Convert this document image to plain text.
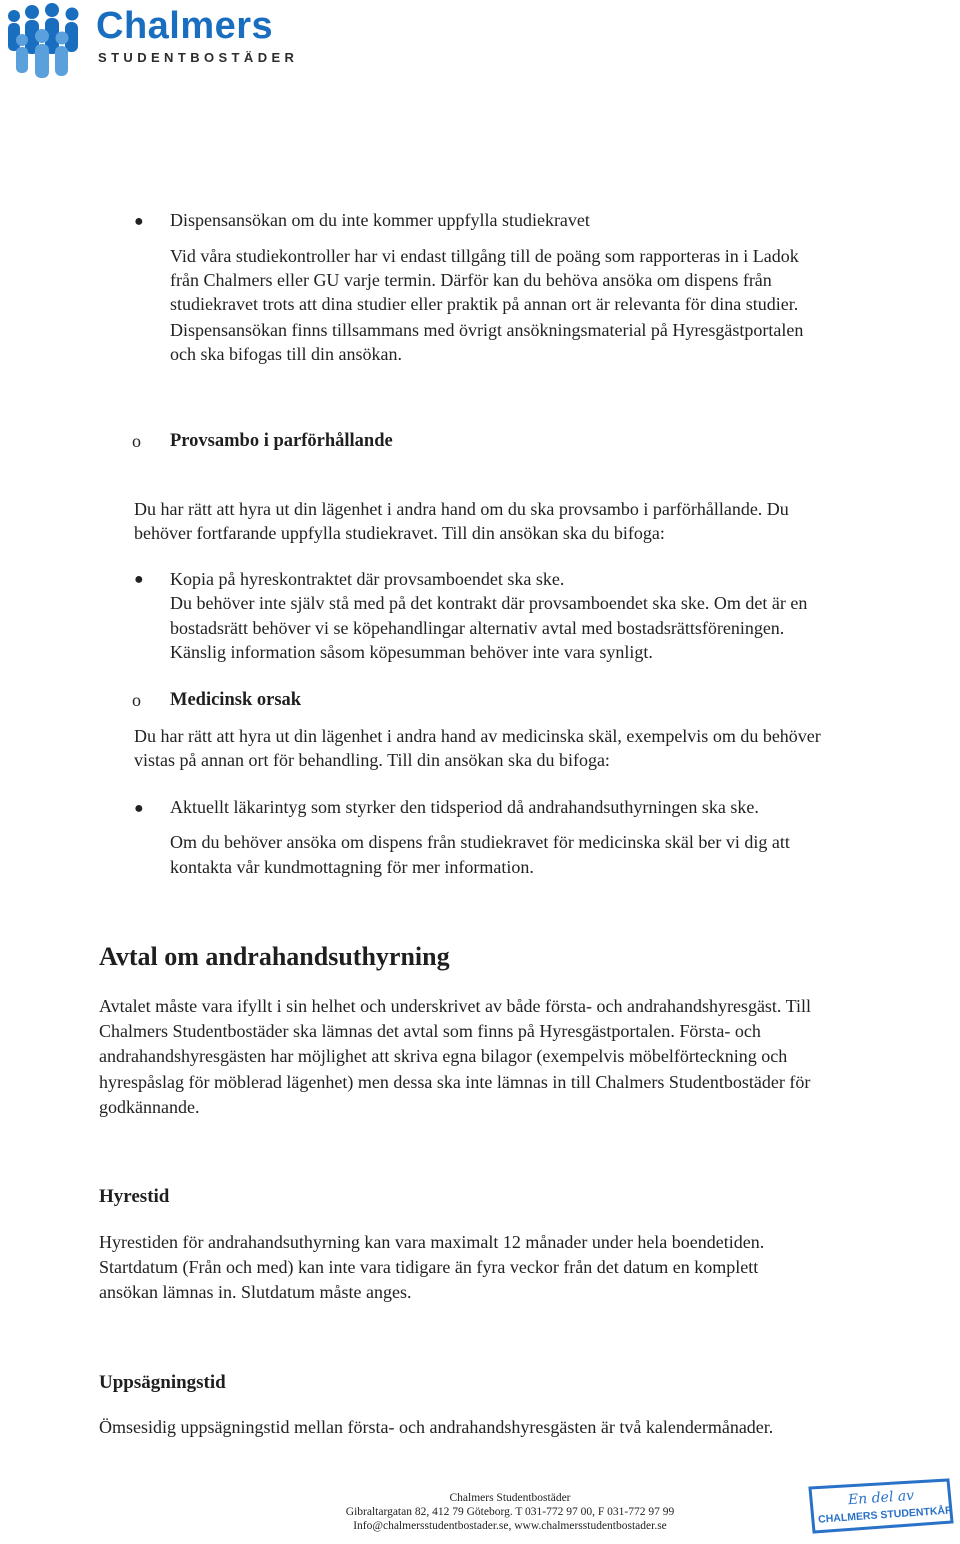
Chalmers
STUDENTBOSTÄDER
● Dispensansökan om du inte kommer uppfylla studiekravet

Vid våra studiekontroller har vi endast tillgång till de poäng som rapporteras in i Ladok

från Chalmers eller GU varje termin. Därför kan du behöva ansöka om dispens från

studiekravet trots att dina studier eller praktik på annan ort är relevanta för dina studier.

Dispensansökan finns tillsammans med övrigt ansökningsmaterial på Hyresgästportalen

och ska bifogas till din ansökan.

o Provsambo i parförhållande

Du har rätt att hyra ut din lägenhet i andra hand om du ska provsambo i parförhållande. Du

behöver fortfarande uppfylla studiekravet. Till din ansökan ska du bifoga:

● Kopia på hyreskontraktet där provsamboendet ska ske.

Du behöver inte själv stå med på det kontrakt där provsamboendet ska ske. Om det är en

bostadsrätt behöver vi se köpehandlingar alternativ avtal med bostadsrättsföreningen.

Känslig information såsom köpesumman behöver inte vara synligt.

o Medicinsk orsak

Du har rätt att hyra ut din lägenhet i andra hand av medicinska skäl, exempelvis om du behöver

vistas på annan ort för behandling. Till din ansökan ska du bifoga:

● Aktuellt läkarintyg som styrker den tidsperiod då andrahandsuthyrningen ska ske.

Om du behöver ansöka om dispens från studiekravet för medicinska skäl ber vi dig att

kontakta vår kundmottagning för mer information.

Avtal om andrahandsuthyrning

Avtalet måste vara ifyllt i sin helhet och underskrivet av både första- och andrahandshyresgäst. Till

Chalmers Studentbostäder ska lämnas det avtal som finns på Hyresgästportalen. Första- och

andrahandshyresgästen har möjlighet att skriva egna bilagor (exempelvis möbelförteckning och

hyrespåslag för möblerad lägenhet) men dessa ska inte lämnas in till Chalmers Studentbostäder för

godkännande.

Hyrestid

Hyrestiden för andrahandsuthyrning kan vara maximalt 12 månader under hela boendetiden.

Startdatum (Från och med) kan inte vara tidigare än fyra veckor från det datum en komplett

ansökan lämnas in. Slutdatum måste anges.

Uppsägningstid

Ömsesidig uppsägningstid mellan första- och andrahandshyresgästen är två kalendermånader.

Chalmers Studentbostäder
Gibraltargatan 82, 412 79 Göteborg. T 031-772 97 00, F 031-772 97 99
Info@chalmersstudentbostader.se, www.chalmersstudentbostader.se
En del av
CHALMERS STUDENTKÅR
